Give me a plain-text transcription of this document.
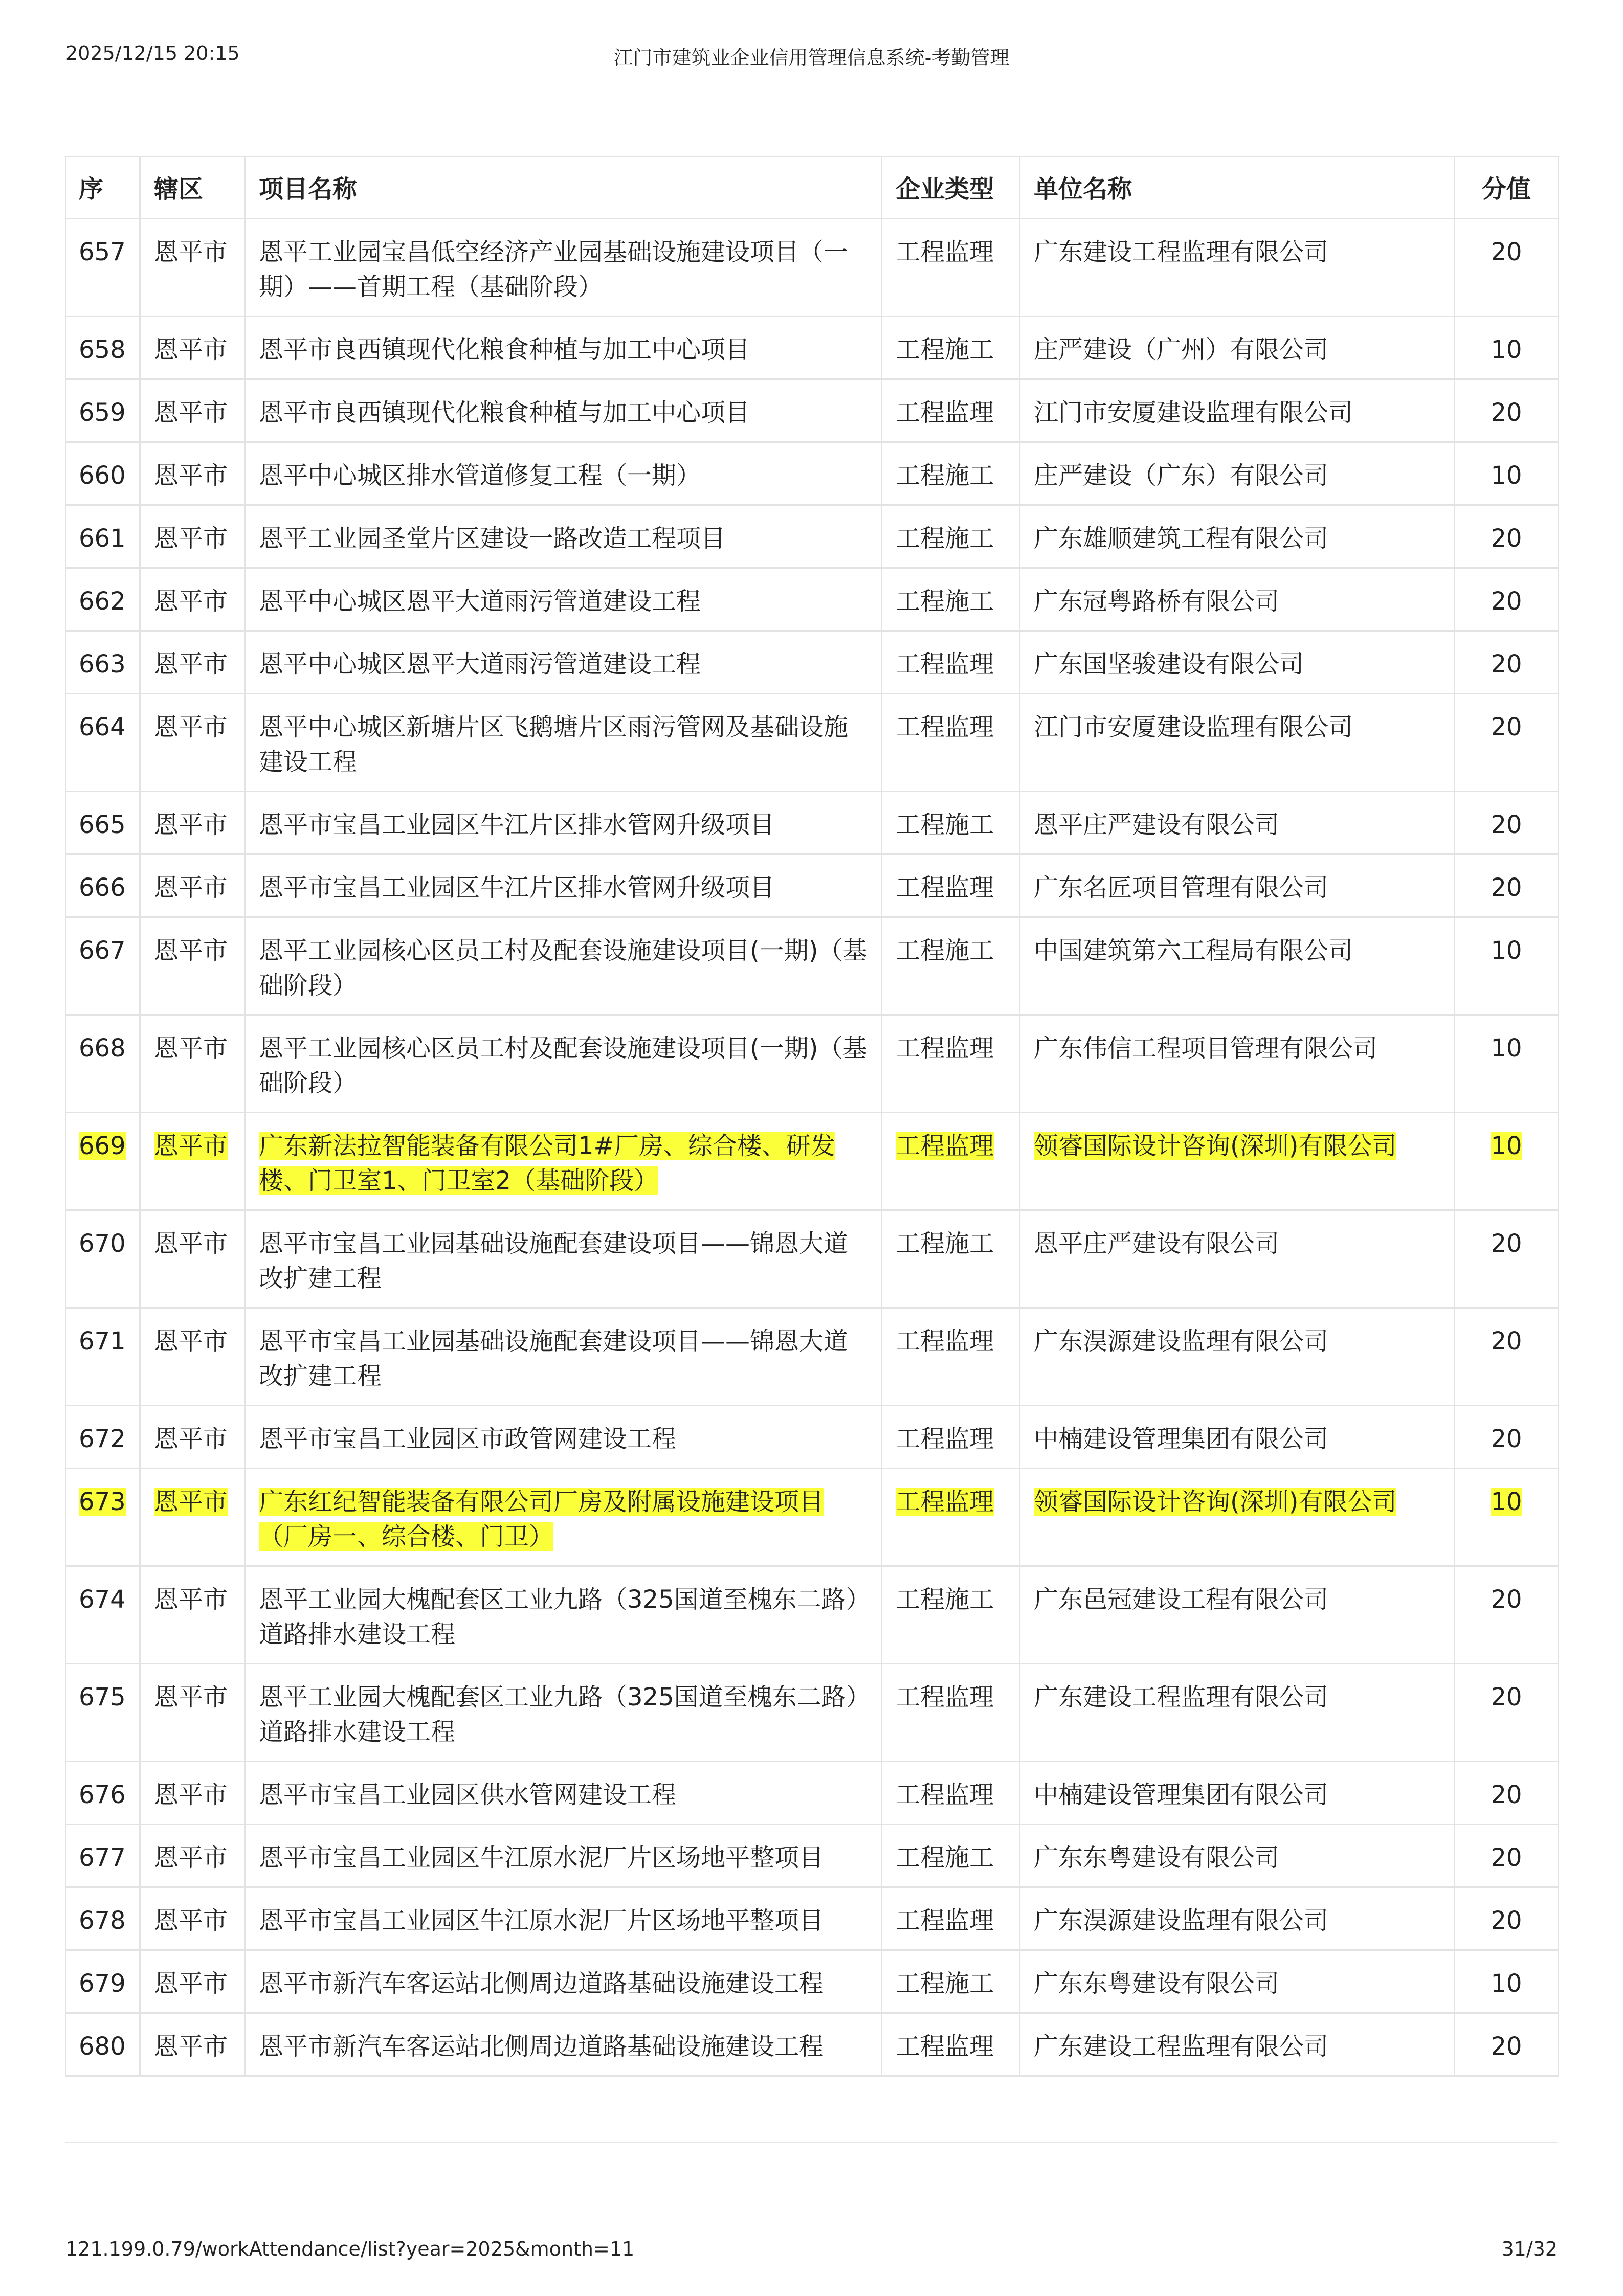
2025/12/15 20:15	江门市建筑业企业信用管理信息系统-考勤管理
序	辖区	项目名称	企业类型	单位名称	分值
657	恩平市	恩平工业园宝昌低空经济产业园基础设施建设项目（一期）——首期工程（基础阶段）	工程监理	广东建设工程监理有限公司	20
658	恩平市	恩平市良西镇现代化粮食种植与加工中心项目	工程施工	庄严建设（广州）有限公司	10
659	恩平市	恩平市良西镇现代化粮食种植与加工中心项目	工程监理	江门市安厦建设监理有限公司	20
660	恩平市	恩平中心城区排水管道修复工程（一期）	工程施工	庄严建设（广东）有限公司	10
661	恩平市	恩平工业园圣堂片区建设一路改造工程项目	工程施工	广东雄顺建筑工程有限公司	20
662	恩平市	恩平中心城区恩平大道雨污管道建设工程	工程施工	广东冠粤路桥有限公司	20
663	恩平市	恩平中心城区恩平大道雨污管道建设工程	工程监理	广东国坚骏建设有限公司	20
664	恩平市	恩平中心城区新塘片区飞鹅塘片区雨污管网及基础设施建设工程	工程监理	江门市安厦建设监理有限公司	20
665	恩平市	恩平市宝昌工业园区牛江片区排水管网升级项目	工程施工	恩平庄严建设有限公司	20
666	恩平市	恩平市宝昌工业园区牛江片区排水管网升级项目	工程监理	广东名匠项目管理有限公司	20
667	恩平市	恩平工业园核心区员工村及配套设施建设项目(一期)（基础阶段）	工程施工	中国建筑第六工程局有限公司	10
668	恩平市	恩平工业园核心区员工村及配套设施建设项目(一期)（基础阶段）	工程监理	广东伟信工程项目管理有限公司	10
669	恩平市	广东新法拉智能装备有限公司1#厂房、综合楼、研发楼、门卫室1、门卫室2（基础阶段）	工程监理	领睿国际设计咨询(深圳)有限公司	10
670	恩平市	恩平市宝昌工业园基础设施配套建设项目——锦恩大道改扩建工程	工程施工	恩平庄严建设有限公司	20
671	恩平市	恩平市宝昌工业园基础设施配套建设项目——锦恩大道改扩建工程	工程监理	广东淏源建设监理有限公司	20
672	恩平市	恩平市宝昌工业园区市政管网建设工程	工程监理	中楠建设管理集团有限公司	20
673	恩平市	广东红纪智能装备有限公司厂房及附属设施建设项目（厂房一、综合楼、门卫）	工程监理	领睿国际设计咨询(深圳)有限公司	10
674	恩平市	恩平工业园大槐配套区工业九路（325国道至槐东二路）道路排水建设工程	工程施工	广东邑冠建设工程有限公司	20
675	恩平市	恩平工业园大槐配套区工业九路（325国道至槐东二路）道路排水建设工程	工程监理	广东建设工程监理有限公司	20
676	恩平市	恩平市宝昌工业园区供水管网建设工程	工程监理	中楠建设管理集团有限公司	20
677	恩平市	恩平市宝昌工业园区牛江原水泥厂片区场地平整项目	工程施工	广东东粤建设有限公司	20
678	恩平市	恩平市宝昌工业园区牛江原水泥厂片区场地平整项目	工程监理	广东淏源建设监理有限公司	20
679	恩平市	恩平市新汽车客运站北侧周边道路基础设施建设工程	工程施工	广东东粤建设有限公司	10
680	恩平市	恩平市新汽车客运站北侧周边道路基础设施建设工程	工程监理	广东建设工程监理有限公司	20
121.199.0.79/workAttendance/list?year=2025&month=11	31/32
